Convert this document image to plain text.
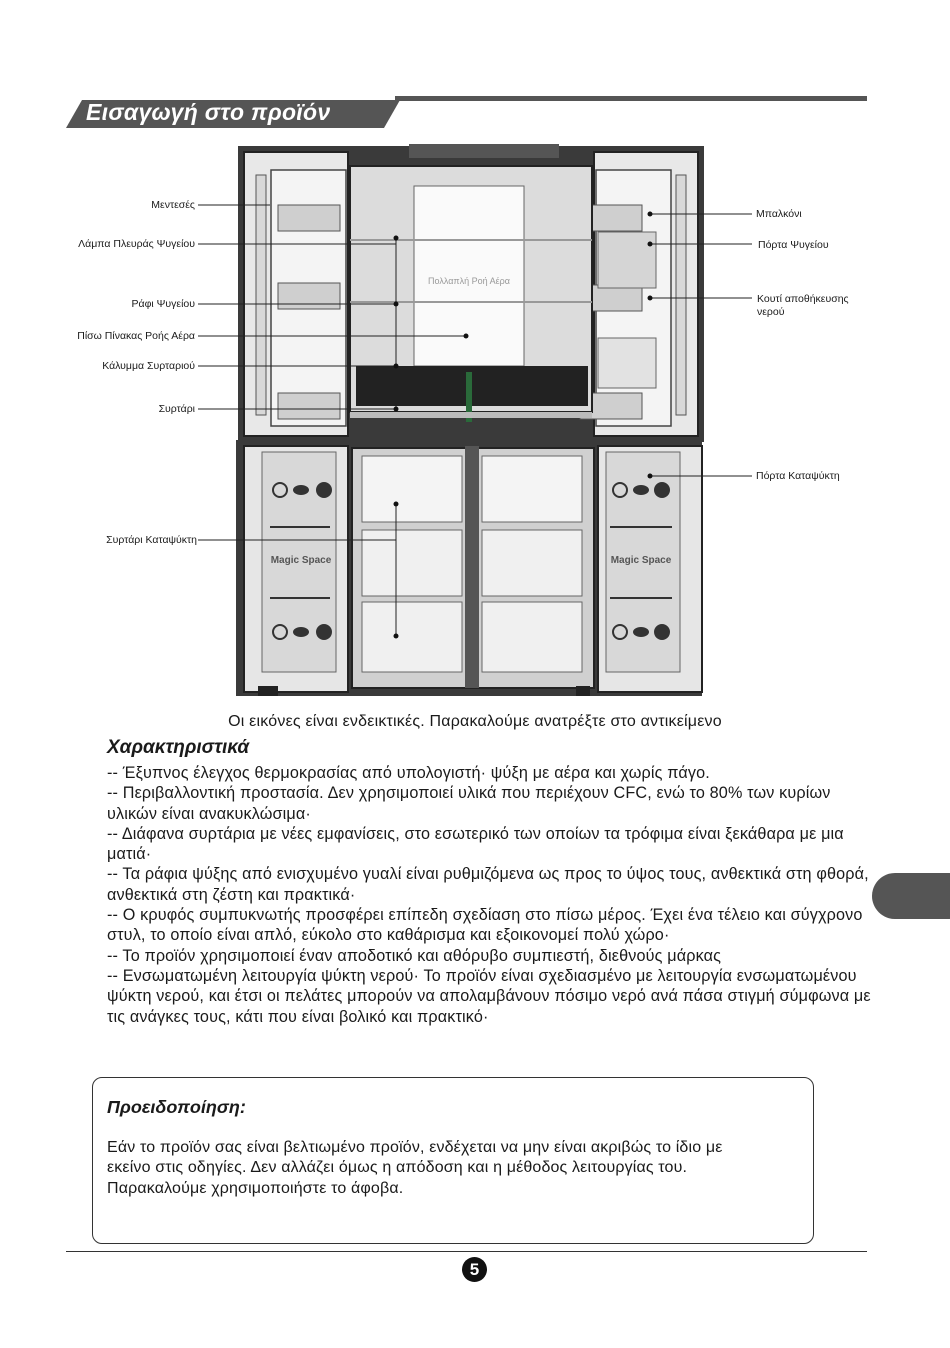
Εισαγωγή στο προϊόν
Πολλαπλή Ροή Αέρα
Magic Space	Magic Space
Μεντεσές
Λάμπα Πλευράς Ψυγείου
Ράφι Ψυγείου
Πίσω Πίνακας Ροής Αέρα
Κάλυμμα Συρταριού
Συρτάρι
Συρτάρι Καταψύκτη
Μπαλκόνι
Πόρτα Ψυγείου
Κουτί αποθήκευσης
νερού
Πόρτα Καταψύκτη
Οι εικόνες είναι ενδεικτικές. Παρακαλούμε ανατρέξτε στο αντικείμενο
Χαρακτηριστικά

-- Έξυπνος έλεγχος θερμοκρασίας από υπολογιστή· ψύξη με αέρα και χωρίς πάγο.

-- Περιβαλλοντική προστασία. Δεν χρησιμοποιεί υλικά που περιέχουν CFC, ενώ το 80% των κυρίων υλικών είναι ανακυκλώσιμα·

-- Διάφανα συρτάρια με νέες εμφανίσεις, στο εσωτερικό των οποίων τα τρόφιμα είναι ξεκάθαρα με μια ματιά·

-- Τα ράφια ψύξης από ενισχυμένο γυαλί είναι ρυθμιζόμενα ως προς το ύψος τους, ανθεκτικά στη φθορά, ανθεκτικά στη ζέστη και πρακτικά·

-- Ο κρυφός συμπυκνωτής προσφέρει επίπεδη σχεδίαση στο πίσω μέρος. Έχει ένα τέλειο και σύγχρονο στυλ, το οποίο είναι απλό, εύκολο στο καθάρισμα και εξοικονομεί πολύ χώρο·

-- Το προϊόν χρησιμοποιεί έναν αποδοτικό και αθόρυβο συμπιεστή, διεθνούς μάρκας

-- Ενσωματωμένη λειτουργία ψύκτη νερού· Το προϊόν είναι σχεδιασμένο με λειτουργία ενσωματωμένου ψύκτη νερού, και έτσι οι πελάτες μπορούν να απολαμβάνουν πόσιμο νερό ανά πάσα στιγμή σύμφωνα με τις ανάγκες τους, κάτι που είναι βολικό και πρακτικό·

Προειδοποίηση:
Εάν το προϊόν σας είναι βελτιωμένο προϊόν, ενδέχεται να μην είναι ακριβώς το ίδιο με εκείνο στις οδηγίες. Δεν αλλάζει όμως η απόδοση και η μέθοδος λειτουργίας του. Παρακαλούμε χρησιμοποιήστε το άφοβα.
5
